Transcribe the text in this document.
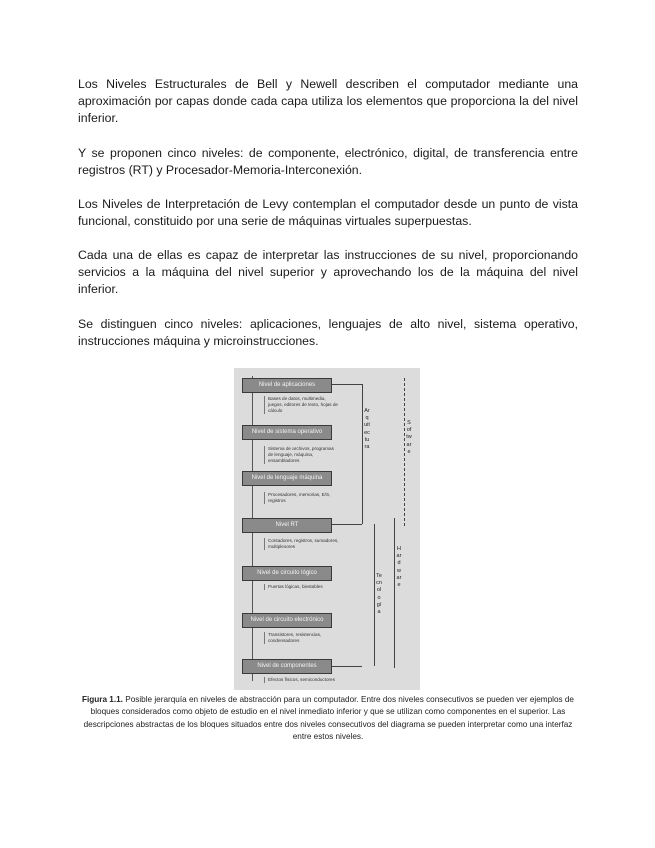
Los Niveles Estructurales de Bell y Newell describen el computador mediante una aproximación por capas donde cada capa utiliza los elementos que proporciona la del nivel inferior.

Y se proponen cinco niveles: de componente, electrónico, digital, de transferencia entre registros (RT) y Procesador-Memoria-Interconexión.

Los Niveles de Interpretación de Levy contemplan el computador desde un punto de vista funcional, constituido por una serie de máquinas virtuales superpuestas.

Cada una de ellas es capaz de interpretar las instrucciones de su nivel, proporcionando servicios a la máquina del nivel superior y aprovechando los de la máquina del nivel inferior.

Se distinguen cinco niveles: aplicaciones, lenguajes de alto nivel, sistema operativo, instrucciones máquina y microinstrucciones.

Nivel de aplicaciones
Bases de datos, multimedia, juegos, editores de texto, hojas de cálculo
Nivel de sistema operativo
Sistema de archivos, programas de lenguaje, máquina, ensambladores
Nivel de lenguaje máquina
Procesadores, memorias, E/S, registros
Nivel RT
Contadores, registros, sumadores, multiplexores
Nivel de circuito lógico
Puertas lógicas, biestables
Nivel de circuito electrónico
Transistores, resistencias, condensadores
Nivel de componentes
Efectos físicos, semiconductores
Arquitectura
Tecnología
Software
Hardware

Figura 1.1. Posible jerarquía en niveles de abstracción para un computador. Entre dos niveles consecutivos se pueden ver ejemplos de bloques considerados como objeto de estudio en el nivel inmediato inferior y que se utilizan como componentes en el superior. Las descripciones abstractas de los bloques situados entre dos niveles consecutivos del diagrama se pueden interpretar como una interfaz entre estos niveles.
